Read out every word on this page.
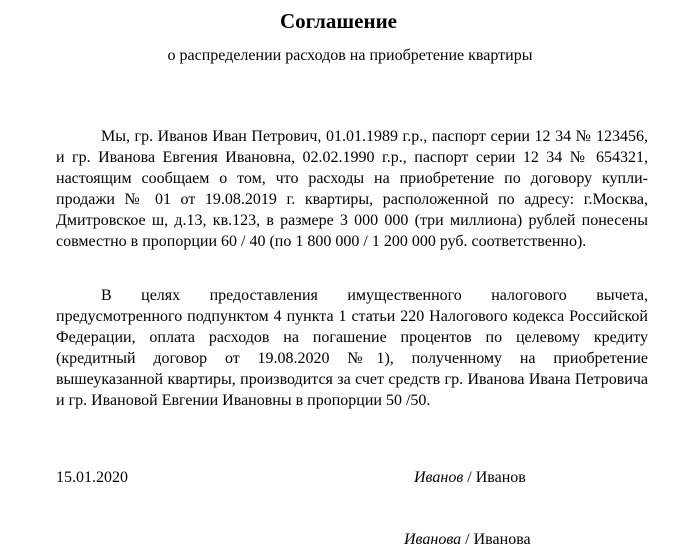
Соглашение
о распределении расходов на приобретение квартиры

Мы, гр. Иванов Иван Петрович, 01.01.1989 г.р., паспорт серии 12 34 № 123456, и гр. Иванова Евгения Ивановна, 02.02.1990 г.р., паспорт серии 12 34 № 654321, настоящим сообщаем о том, что расходы на приобретение по договору купли-продажи № 01 от 19.08.2019 г. квартиры, расположенной по адресу: г.Москва, Дмитровское ш, д.13, кв.123, в размере 3 000 000 (три миллиона) рублей понесены совместно в пропорции 60 / 40 (по 1 800 000 / 1 200 000 руб. соответственно).

В целях предоставления имущественного налогового вычета, предусмотренного подпунктом 4 пункта 1 статьи 220 Налогового кодекса Российской Федерации, оплата расходов на погашение процентов по целевому кредиту (кредитный договор от 19.08.2020 №1), полученному на приобретение вышеуказанной квартиры, производится за счет средств гр. Иванова Ивана Петровича и гр. Ивановой Евгении Ивановны в пропорции 50 /50.

15.01.2020	Иванов / Иванов
Иванова / Иванова
